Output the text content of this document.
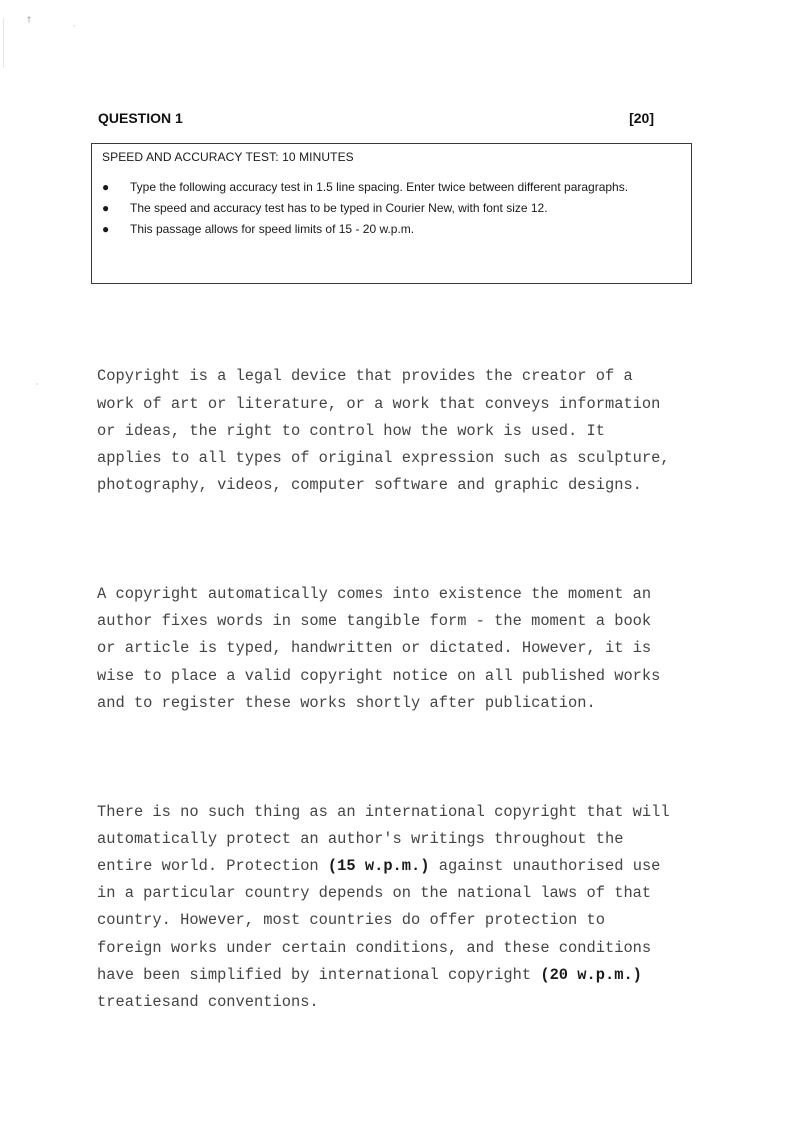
†
·
·
QUESTION 1	[20]
SPEED AND ACCURACY TEST: 10 MINUTES
● Type the following accuracy test in 1.5 line spacing. Enter twice between different paragraphs.
● The speed and accuracy test has to be typed in Courier New, with font size 12.
● This passage allows for speed limits of 15 - 20 w.p.m.

Copyright is a legal device that provides the creator of a
work of art or literature, or a work that conveys information
or ideas, the right to control how the work is used. It
applies to all types of original expression such as sculpture,
photography, videos, computer software and graphic designs.

A copyright automatically comes into existence the moment an
author fixes words in some tangible form - the moment a book
or article is typed, handwritten or dictated. However, it is
wise to place a valid copyright notice on all published works
and to register these works shortly after publication.

There is no such thing as an international copyright that will
automatically protect an author's writings throughout the
entire world. Protection (15 w.p.m.) against unauthorised use
in a particular country depends on the national laws of that
country. However, most countries do offer protection to
foreign works under certain conditions, and these conditions
have been simplified by international copyright (20 w.p.m.)
treatiesand conventions.
